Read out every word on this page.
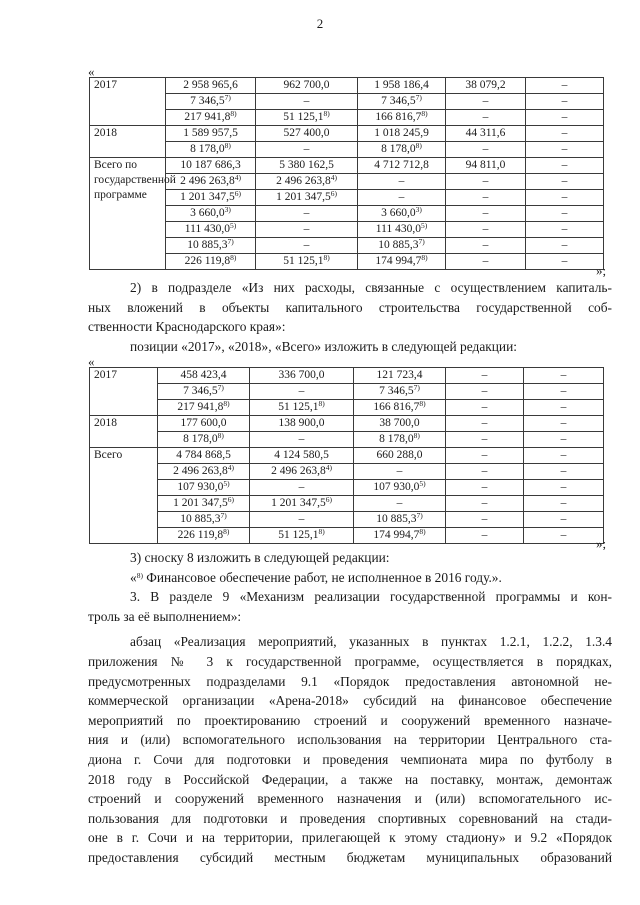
2
«
2017	2 958 965,6	962 700,0	1 958 186,4	38 079,2	–
	7 346,5$^{7)}$	–	7 346,5$^{7)}$	–	–
	217 941,8$^{8)}$	51 125,1$^{8)}$	166 816,7$^{8)}$	–	–
2018	1 589 957,5	527 400,0	1 018 245,9	44 311,6	–
	8 178,0$^{8)}$	–	8 178,0$^{8)}$	–	–
Всего по государственной программе	10 187 686,3	5 380 162,5	4 712 712,8	94 811,0	–
	2 496 263,8$^{4)}$	2 496 263,8$^{4)}$	–	–	–
	1 201 347,5$^{6)}$	1 201 347,5$^{6)}$	–	–	–
	3 660,0$^{3)}$	–	3 660,0$^{3)}$	–	–
	111 430,0$^{5)}$	–	111 430,0$^{5)}$	–	–
	10 885,3$^{7)}$	–	10 885,3$^{7)}$	–	–
	226 119,8$^{8)}$	51 125,1$^{8)}$	174 994,7$^{8)}$	–	–
»;
2) в подразделе «Из них расходы, связанные с осуществлением капиталь-
ных вложений в объекты капитального строительства государственной соб-
ственности Краснодарского края»:
позиции «2017», «2018», «Всего» изложить в следующей редакции:
«
2017	458 423,4	336 700,0	121 723,4	–	–
	7 346,5$^{7)}$	–	7 346,5$^{7)}$	–	–
	217 941,8$^{8)}$	51 125,1$^{8)}$	166 816,7$^{8)}$	–	–
2018	177 600,0	138 900,0	38 700,0	–	–
	8 178,0$^{8)}$	–	8 178,0$^{8)}$	–	–
Всего	4 784 868,5	4 124 580,5	660 288,0	–	–
	2 496 263,8$^{4)}$	2 496 263,8$^{4)}$	–	–	–
	107 930,0$^{5)}$	–	107 930,0$^{5)}$	–	–
	1 201 347,5$^{6)}$	1 201 347,5$^{6)}$	–	–	–
	10 885,3$^{7)}$	–	10 885,3$^{7)}$	–	–
	226 119,8$^{8)}$	51 125,1$^{8)}$	174 994,7$^{8)}$	–	–
»;
3) сноску 8 изложить в следующей редакции:
«$^{8)}$ Финансовое обеспечение работ, не исполненное в 2016 году.».
3. В разделе 9 «Механизм реализации государственной программы и кон-
троль за её выполнением»:
абзац «Реализация мероприятий, указанных в пунктах 1.2.1, 1.2.2, 1.3.4
приложения № 3 к государственной программе, осуществляется в порядках,
предусмотренных подразделами 9.1 «Порядок предоставления автономной не-
коммерческой организации «Арена-2018» субсидий на финансовое обеспечение
мероприятий по проектированию строений и сооружений временного назначе-
ния и (или) вспомогательного использования на территории Центрального ста-
диона г. Сочи для подготовки и проведения чемпионата мира по футболу в
2018 году в Российской Федерации, а также на поставку, монтаж, демонтаж
строений и сооружений временного назначения и (или) вспомогательного ис-
пользования для подготовки и проведения спортивных соревнований на стади-
оне в г. Сочи и на территории, прилегающей к этому стадиону» и 9.2 «Порядок
предоставления субсидий местным бюджетам муниципальных образований
